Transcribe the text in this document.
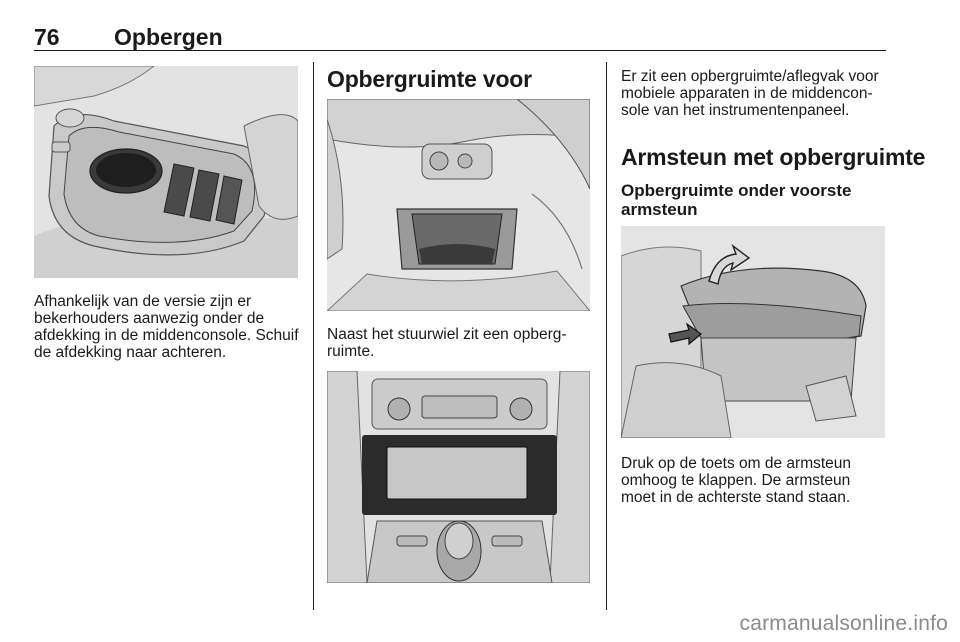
76 Opbergen

Afhankelijk van de versie zijn er bekerhouders aanwezig onder de afdekking in de middenconsole. Schuif de afdekking naar achteren.

Opbergruimte voor

Naast het stuurwiel zit een opbergruimte.

Er zit een opbergruimte/aflegvak voor mobiele apparaten in de middenconsole van het instrumentenpaneel.

Armsteun met opbergruimte
Opbergruimte onder voorste armsteun

Druk op de toets om de armsteun omhoog te klappen. De armsteun moet in de achterste stand staan.

carmanualsonline.info
